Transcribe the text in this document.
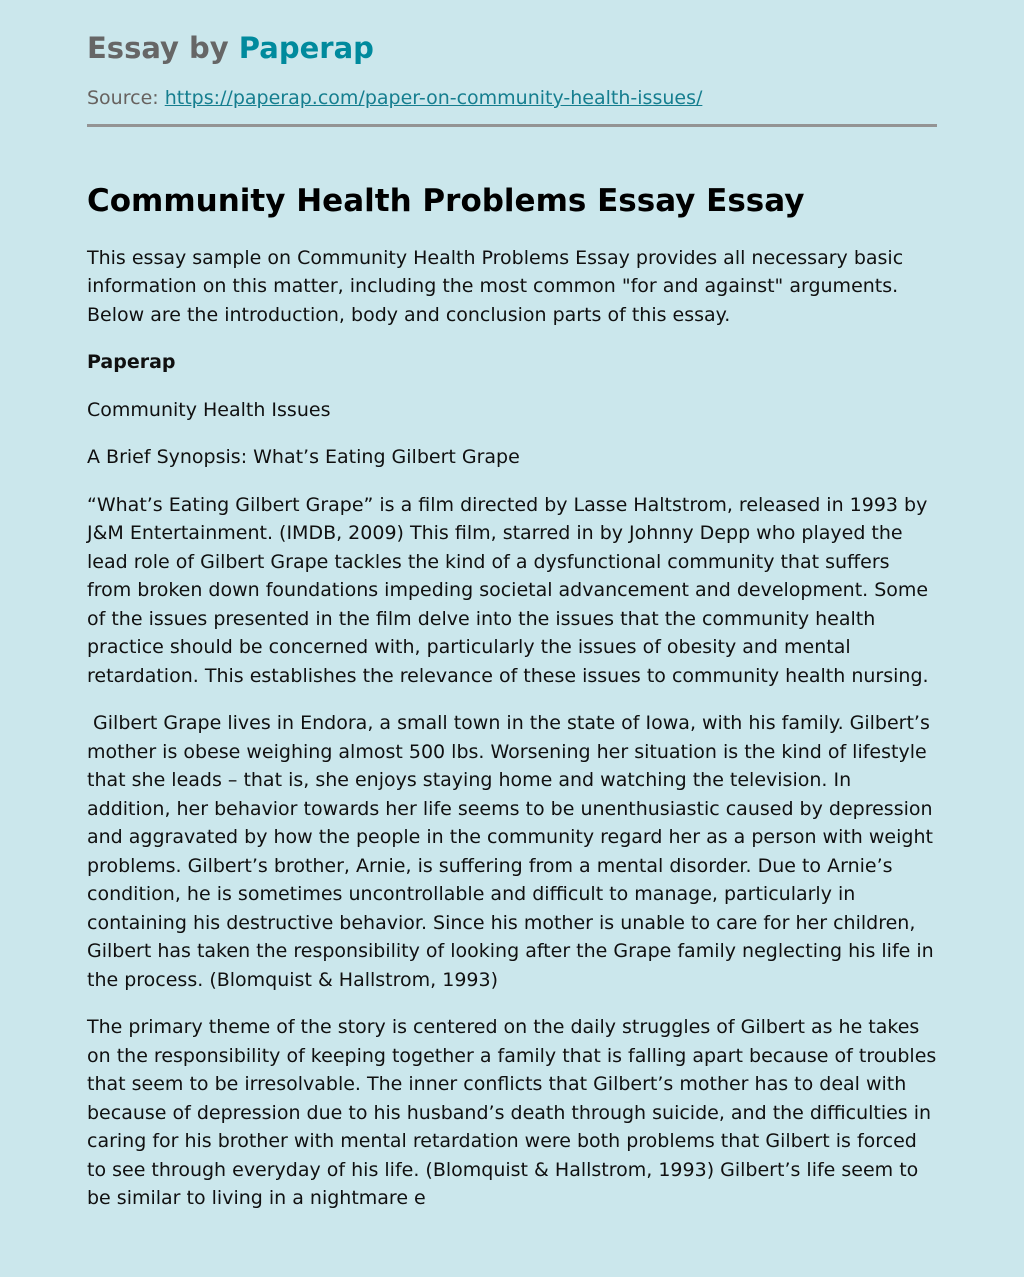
Essay by Paperap
Source: https://paperap.com/paper-on-community-health-issues/
Community Health Problems Essay Essay

This essay sample on Community Health Problems Essay provides all necessary basic information on this matter, including the most common "for and against" arguments. Below are the introduction, body and conclusion parts of this essay.

Paperap

Community Health Issues

A Brief Synopsis: What’s Eating Gilbert Grape

“What’s Eating Gilbert Grape” is a film directed by Lasse Haltstrom, released in 1993 by J&M Entertainment. (IMDB, 2009) This film, starred in by Johnny Depp who played the lead role of Gilbert Grape tackles the kind of a dysfunctional community that suffers from broken down foundations impeding societal advancement and development. Some of the issues presented in the film delve into the issues that the community health practice should be concerned with, particularly the issues of obesity and mental retardation. This establishes the relevance of these issues to community health nursing.

Gilbert Grape lives in Endora, a small town in the state of Iowa, with his family. Gilbert’s mother is obese weighing almost 500 lbs. Worsening her situation is the kind of lifestyle that she leads – that is, she enjoys staying home and watching the television. In addition, her behavior towards her life seems to be unenthusiastic caused by depression and aggravated by how the people in the community regard her as a person with weight problems. Gilbert’s brother, Arnie, is suffering from a mental disorder. Due to Arnie’s condition, he is sometimes uncontrollable and difficult to manage, particularly in containing his destructive behavior. Since his mother is unable to care for her children, Gilbert has taken the responsibility of looking after the Grape family neglecting his life in the process. (Blomquist & Hallstrom, 1993)

The primary theme of the story is centered on the daily struggles of Gilbert as he takes on the responsibility of keeping together a family that is falling apart because of troubles that seem to be irresolvable. The inner conflicts that Gilbert’s mother has to deal with because of depression due to his husband’s death through suicide, and the difficulties in caring for his brother with mental retardation were both problems that Gilbert is forced to see through everyday of his life. (Blomquist & Hallstrom, 1993) Gilbert’s life seem to be similar to living in a nightmare e
